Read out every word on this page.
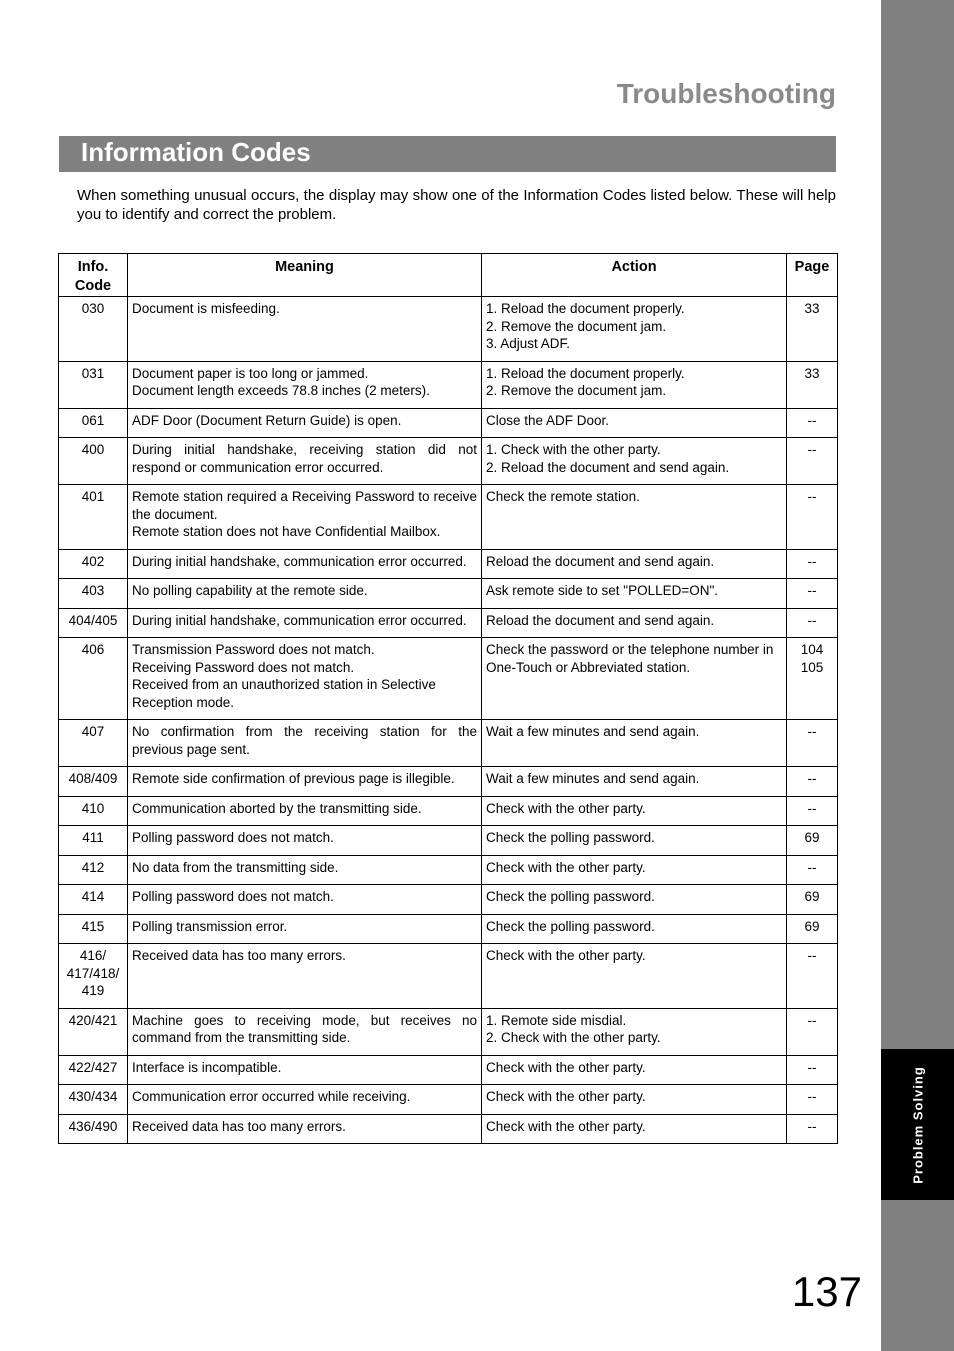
Problem Solving
Troubleshooting
Information Codes
When something unusual occurs, the display may show one of the Information Codes listed below. These will help you to identify and correct the problem.
Info. Code	Meaning	Action	Page
030	Document is misfeeding.	1. Reload the document properly.
2. Remove the document jam.
3. Adjust ADF.	33

031	Document paper is too long or jammed.
Document length exceeds 78.8 inches (2 meters).	1. Reload the document properly.
2. Remove the document jam.	33

061	ADF Door (Document Return Guide) is open.	Close the ADF Door.	--

400	During initial handshake, receiving station did not respond or communication error occurred.	1. Check with the other party.
2. Reload the document and send again.	--

401	Remote station required a Receiving Password to receive the document.
Remote station does not have Confidential Mailbox.	Check the remote station.	--

402	During initial handshake, communication error occurred.	Reload the document and send again.	--

403	No polling capability at the remote side.	Ask remote side to set "POLLED=ON".	--

404/405	During initial handshake, communication error occurred.	Reload the document and send again.	--

406	Transmission Password does not match.
Receiving Password does not match.
Received from an unauthorized station in Selective Reception mode.	Check the password or the telephone number in One-Touch or Abbreviated station.	104
105

407	No confirmation from the receiving station for the previous page sent.	Wait a few minutes and send again.	--

408/409	Remote side confirmation of previous page is illegible.	Wait a few minutes and send again.	--

410	Communication aborted by the transmitting side.	Check with the other party.	--

411	Polling password does not match.	Check the polling password.	69

412	No data from the transmitting side.	Check with the other party.	--

414	Polling password does not match.	Check the polling password.	69

415	Polling transmission error.	Check the polling password.	69

416/ 417/418/ 419	Received data has too many errors.	Check with the other party.	--

420/421	Machine goes to receiving mode, but receives no command from the transmitting side.	1. Remote side misdial.
2. Check with the other party.	--

422/427	Interface is incompatible.	Check with the other party.	--

430/434	Communication error occurred while receiving.	Check with the other party.	--

436/490	Received data has too many errors.	Check with the other party.	--
137
